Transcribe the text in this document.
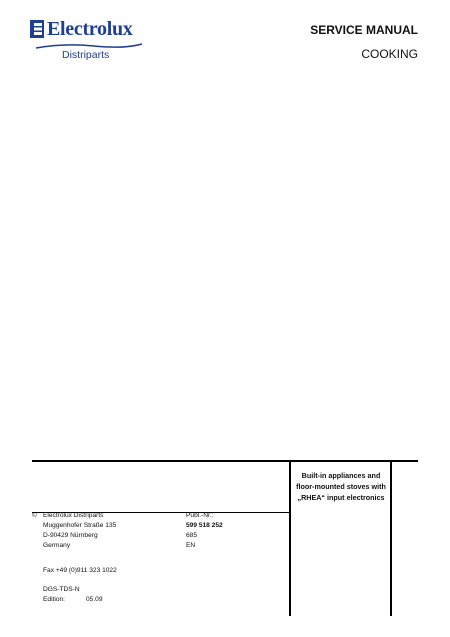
Electrolux
Distriparts
SERVICE MANUAL
COOKING
Built-in appliances and floor-mounted stoves with „RHEA“ input electronics
© Electrolux Distriparts
Muggenhofer Straße 135
D-90429 Nürnberg
Germany
Fax +49 (0)911 323 1022
DGS-TDS-N
Edition:	05.09
Publ.-Nr.:
599 518 252
685
EN
